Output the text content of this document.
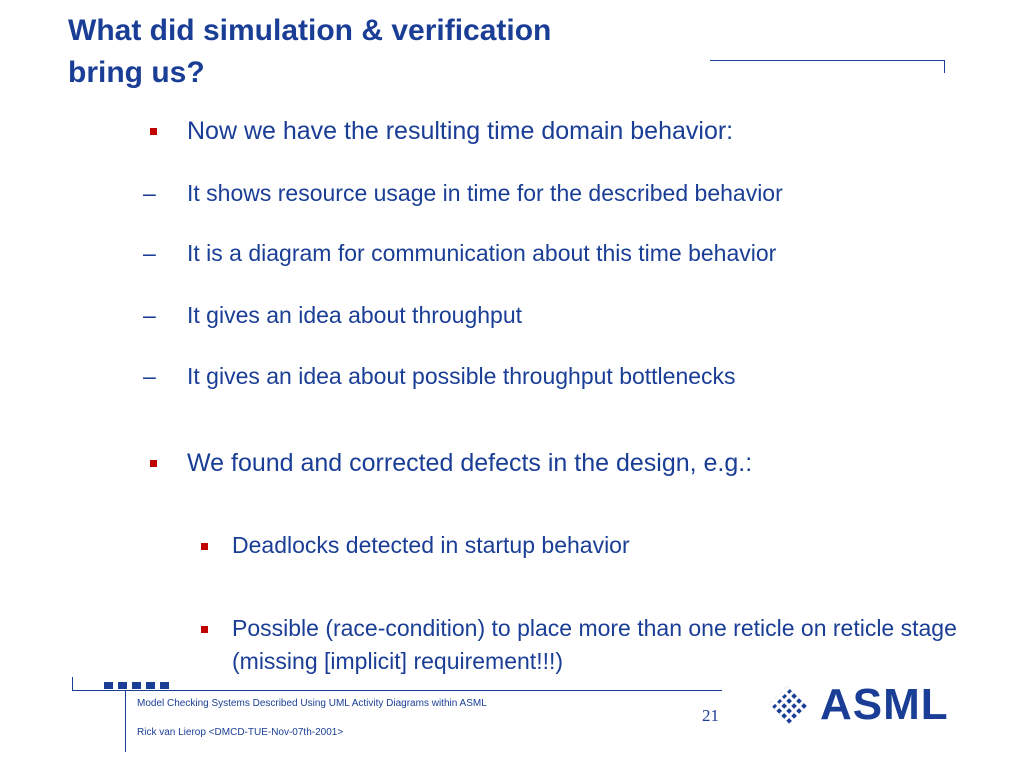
What did simulation & verification
bring us?
Now we have the resulting time domain behavior:
– It shows resource usage in time for the described behavior
– It is a diagram for communication about this time behavior
– It gives an idea about throughput
– It gives an idea about possible throughput bottlenecks
We found and corrected defects in the design, e.g.:
Deadlocks detected in startup behavior
Possible (race-condition) to place more than one reticle on reticle stage (missing [implicit] requirement!!!)
Model Checking Systems Described Using UML Activity Diagrams within ASML
Rick van Lierop <DMCD-TUE-Nov-07th-2001>
21 ASML
